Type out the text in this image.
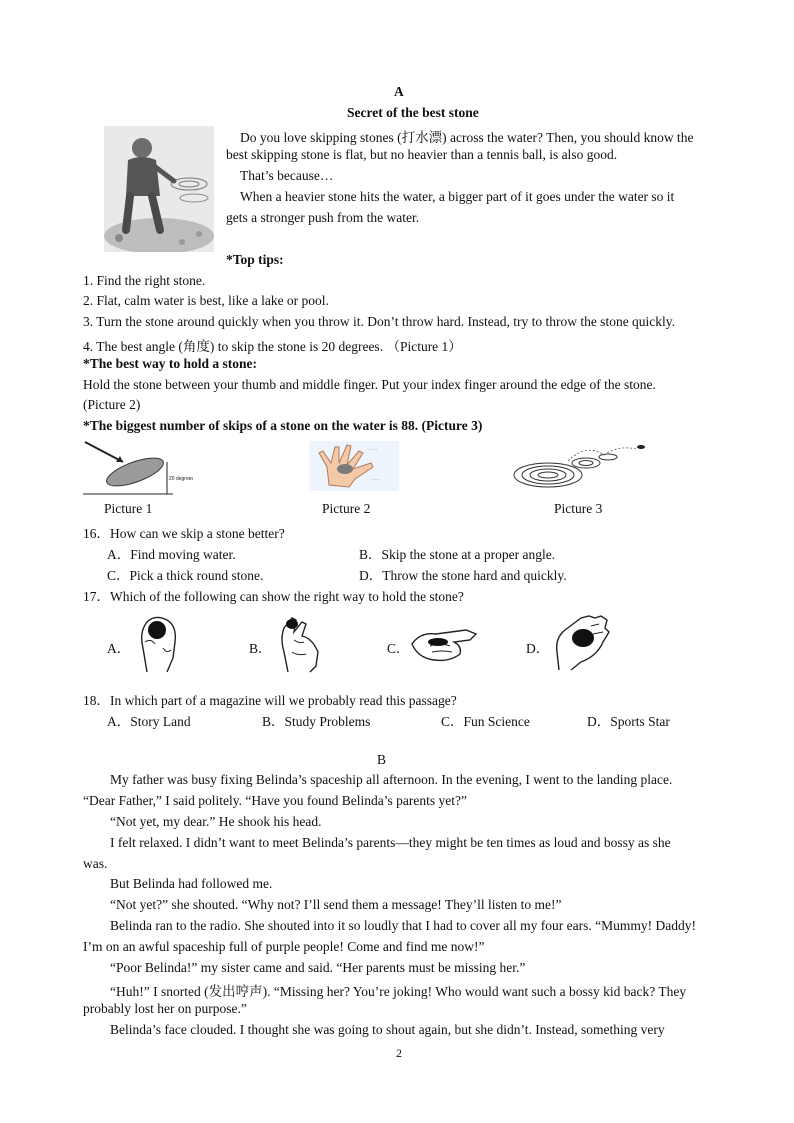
A
Secret of the best stone
Do you love skipping stones (打水漂) across the water? Then, you should know the
best skipping stone is flat, but no heavier than a tennis ball, is also good.
That’s because…
When a heavier stone hits the water, a bigger part of it goes under the water so it
gets a stronger push from the water.
*Top tips:
1. Find the right stone.
2. Flat, calm water is best, like a lake or pool.
3. Turn the stone around quickly when you throw it. Don’t throw hard. Instead, try to throw the stone quickly.
4. The best angle (角度) to skip the stone is 20 degrees. （Picture 1）
*The best way to hold a stone:
Hold the stone between your thumb and middle finger. Put your index finger around the edge of the stone.
(Picture 2)
*The biggest number of skips of a stone on the water is 88. (Picture 3)
20 degrees
Picture 1
·····
·····
Picture 2	Picture 3
16．How can we skip a stone better?
A．Find moving water.	B．Skip the stone at a proper angle.
C．Pick a thick round stone.	D．Throw the stone hard and quickly.
17．Which of the following can show the right way to hold the stone?
A．	B．	C．	D．
18．In which part of a magazine will we probably read this passage?
A．Story Land	B．Study Problems	C．Fun Science	D．Sports Star
B
My father was busy fixing Belinda’s spaceship all afternoon. In the evening, I went to the landing place.
“Dear Father,” I said politely. “Have you found Belinda’s parents yet?”
“Not yet, my dear.” He shook his head.
I felt relaxed. I didn’t want to meet Belinda’s parents—they might be ten times as loud and bossy as she
was.
But Belinda had followed me.
“Not yet?” she shouted. “Why not? I’ll send them a message! They’ll listen to me!”
Belinda ran to the radio. She shouted into it so loudly that I had to cover all my four ears. “Mummy! Daddy!
I’m on an awful spaceship full of purple people! Come and find me now!”
“Poor Belinda!” my sister came and said. “Her parents must be missing her.”
“Huh!” I snorted (发出哼声). “Missing her? You’re joking! Who would want such a bossy kid back? They
probably lost her on purpose.”
Belinda’s face clouded. I thought she was going to shout again, but she didn’t. Instead, something very
2
